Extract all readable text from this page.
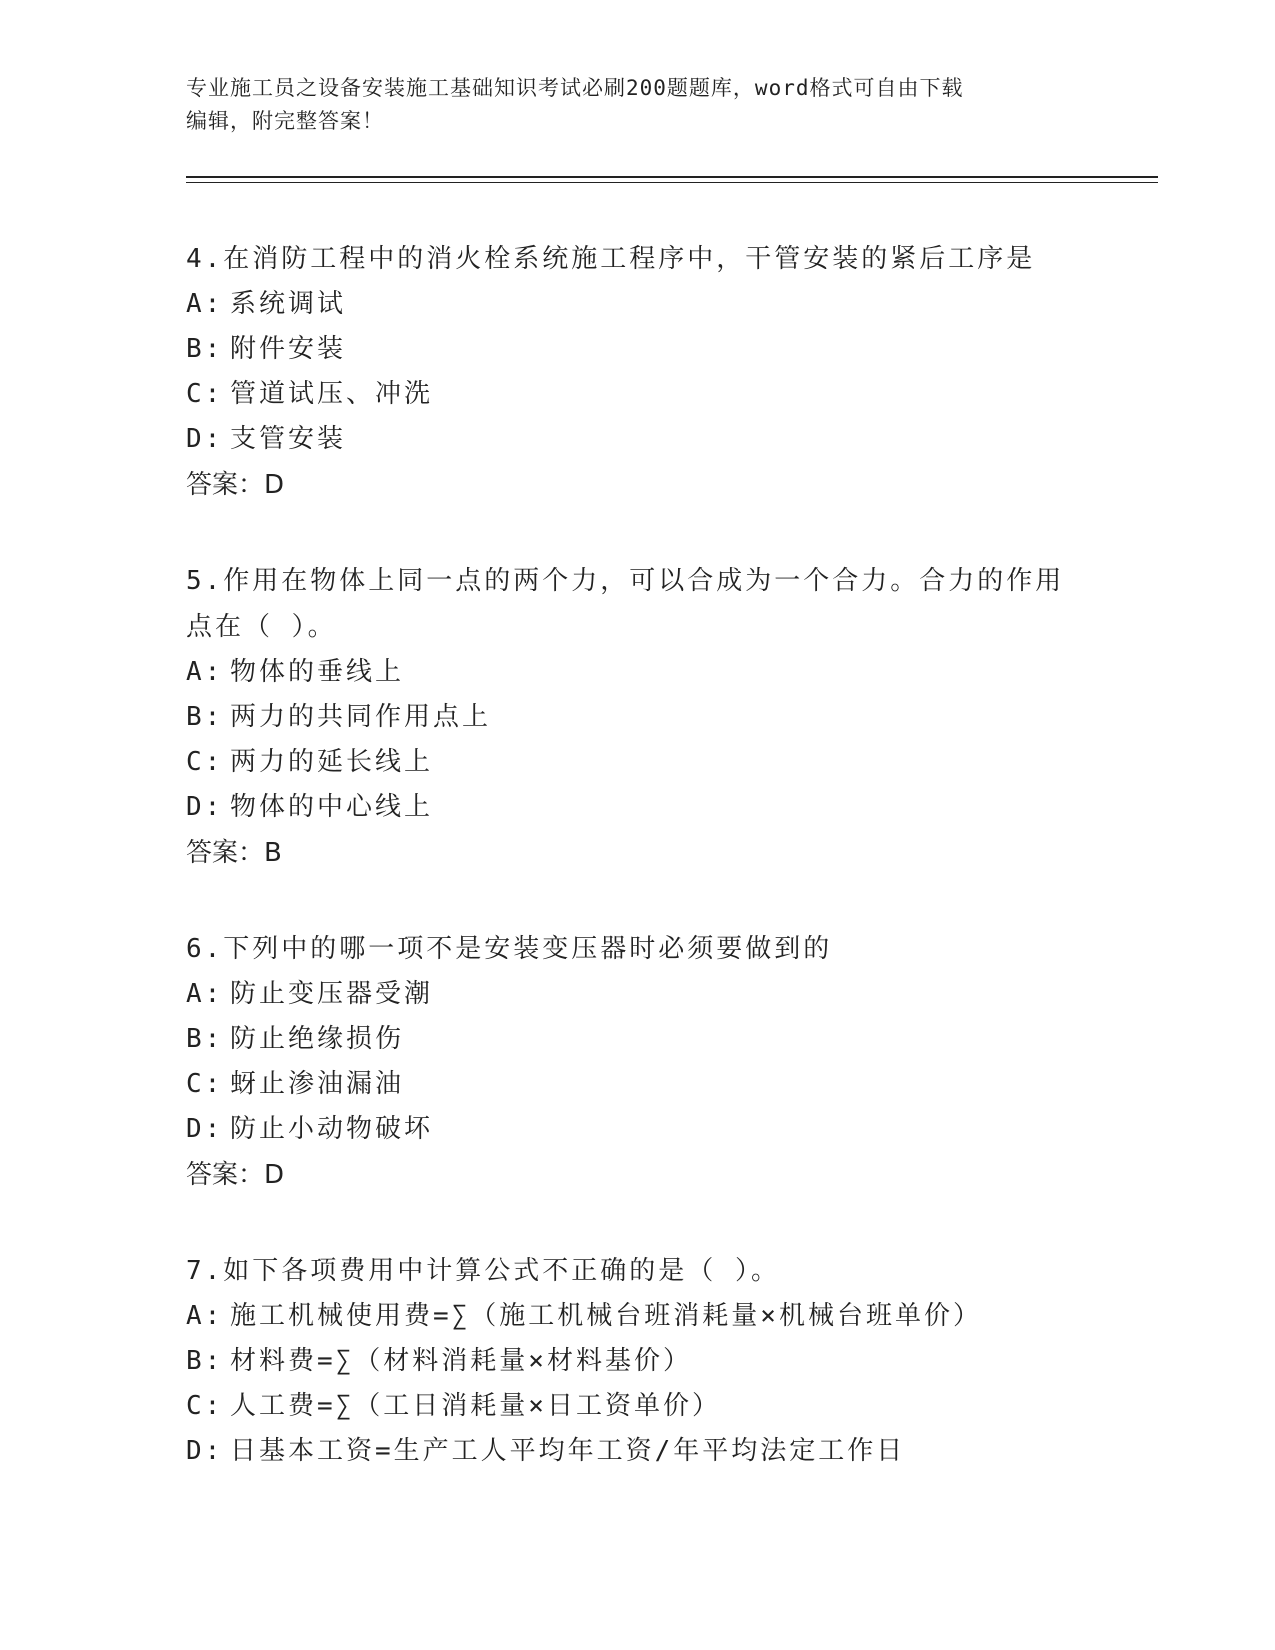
专业施工员之设备安装施工基础知识考试必刷200题题库，word格式可自由下载
编辑，附完整答案！
4.在消防工程中的消火栓系统施工程序中，干管安装的紧后工序是
A: 系统调试
B: 附件安装
C: 管道试压、冲洗
D: 支管安装
答案：D
5.作用在物体上同一点的两个力，可以合成为一个合力。合力的作用点在（ ）。
A: 物体的垂线上
B: 两力的共同作用点上
C: 两力的延长线上
D: 物体的中心线上
答案：B
6.下列中的哪一项不是安装变压器时必须要做到的
A: 防止变压器受潮
B: 防止绝缘损伤
C: 蚜止渗油漏油
D: 防止小动物破坏
答案：D
7.如下各项费用中计算公式不正确的是（ ）。
A: 施工机械使用费=∑（施工机械台班消耗量×机械台班单价）
B: 材料费=∑（材料消耗量×材料基价）
C: 人工费=∑（工日消耗量×日工资单价）
D: 日基本工资=生产工人平均年工资/年平均法定工作日
